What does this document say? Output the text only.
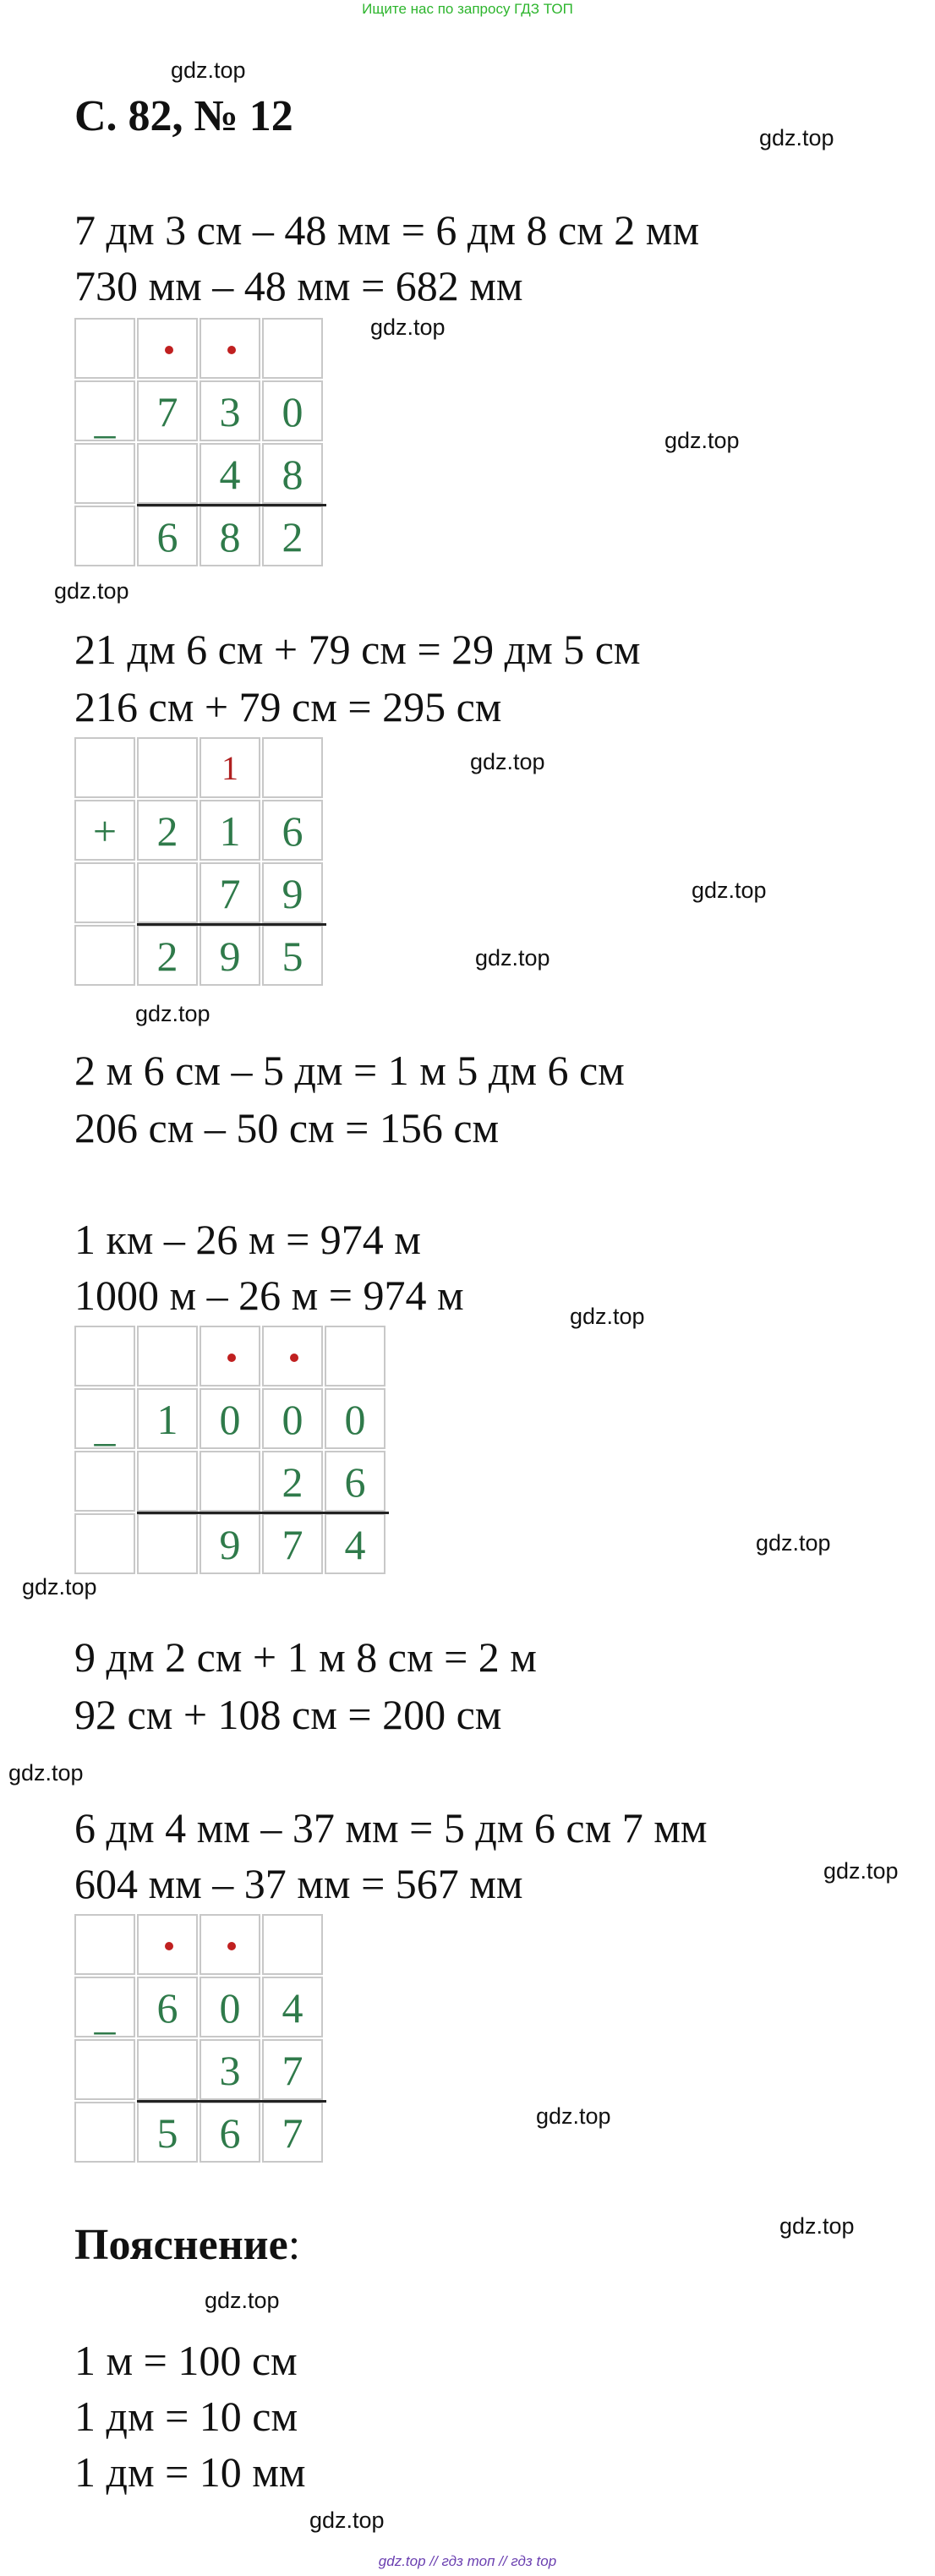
Ищите нас по запросу ГДЗ ТОП
С. 82, № 12
7 дм 3 см – 48 мм = 6 дм 8 см 2 мм
730 мм – 48 мм = 682 мм
– 7 3 0
4 8
6 8 2
21 дм 6 см + 79 см = 29 дм 5 см
216 см + 79 см = 295 см
1
+ 2 1 6
7 9
2 9 5
2 м 6 см – 5 дм = 1 м 5 дм 6 см
206 см – 50 см = 156 см
1 км – 26 м = 974 м
1000 м – 26 м = 974 м
– 1 0 0 0
2 6
9 7 4
9 дм 2 см + 1 м 8 см = 2 м
92 см + 108 см = 200 см
6 дм 4 мм – 37 мм = 5 дм 6 см 7 мм
604 мм – 37 мм = 567 мм
– 6 0 4
3 7
5 6 7
Пояснение:
1 м = 100 см
1 дм = 10 см
1 дм = 10 мм
gdz.top
gdz.top
gdz.top
gdz.top
gdz.top
gdz.top
gdz.top
gdz.top
gdz.top
gdz.top
gdz.top
gdz.top
gdz.top
gdz.top
gdz.top
gdz.top
gdz.top
gdz.top
gdz.top // гдз топ // гдз top
